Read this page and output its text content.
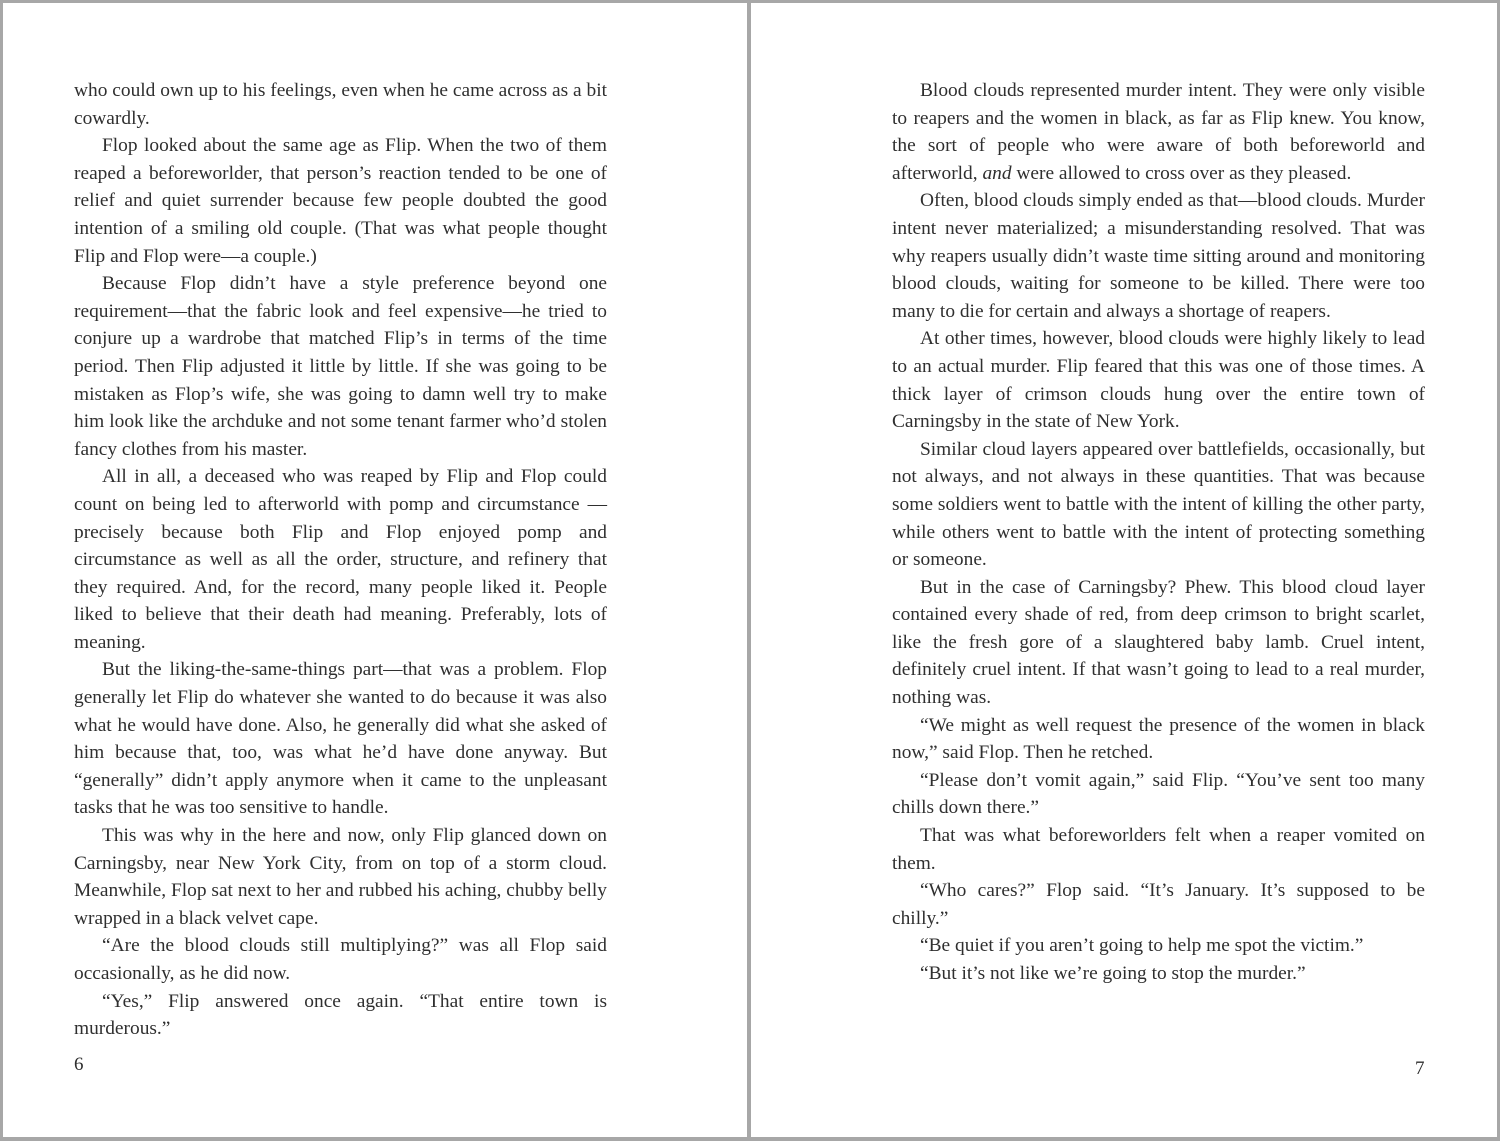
who could own up to his feelings, even when he came across as a bit cowardly.

Flop looked about the same age as Flip. When the two of them reaped a beforeworlder, that person’s reaction tended to be one of relief and quiet surrender because few people doubted the good intention of a smiling old couple. (That was what people thought Flip and Flop were—a couple.)

Because Flop didn’t have a style preference beyond one requirement—that the fabric look and feel expensive—he tried to conjure up a wardrobe that matched Flip’s in terms of the time period. Then Flip adjusted it little by little. If she was going to be mistaken as Flop’s wife, she was going to damn well try to make him look like the archduke and not some tenant farmer who’d stolen fancy clothes from his master.

All in all, a deceased who was reaped by Flip and Flop could count on being led to afterworld with pomp and circumstance —precisely because both Flip and Flop enjoyed pomp and circumstance as well as all the order, structure, and refinery that they required. And, for the record, many people liked it. People liked to believe that their death had meaning. Preferably, lots of meaning.

But the liking-the-same-things part—that was a problem. Flop generally let Flip do whatever she wanted to do because it was also what he would have done. Also, he generally did what she asked of him because that, too, was what he’d have done anyway. But “generally” didn’t apply anymore when it came to the unpleasant tasks that he was too sensitive to handle.

This was why in the here and now, only Flip glanced down on Carningsby, near New York City, from on top of a storm cloud. Meanwhile, Flop sat next to her and rubbed his aching, chubby belly wrapped in a black velvet cape.

“Are the blood clouds still multiplying?” was all Flop said occasionally, as he did now.

“Yes,” Flip answered once again. “That entire town is murderous.”

6

Blood clouds represented murder intent. They were only visible to reapers and the women in black, as far as Flip knew. You know, the sort of people who were aware of both beforeworld and afterworld, and were allowed to cross over as they pleased.

Often, blood clouds simply ended as that—blood clouds. Murder intent never materialized; a misunderstanding resolved. That was why reapers usually didn’t waste time sitting around and monitoring blood clouds, waiting for someone to be killed. There were too many to die for certain and always a shortage of reapers.

At other times, however, blood clouds were highly likely to lead to an actual murder. Flip feared that this was one of those times. A thick layer of crimson clouds hung over the entire town of Carningsby in the state of New York.

Similar cloud layers appeared over battlefields, occasionally, but not always, and not always in these quantities. That was because some soldiers went to battle with the intent of killing the other party, while others went to battle with the intent of protecting something or someone.

But in the case of Carningsby? Phew. This blood cloud layer contained every shade of red, from deep crimson to bright scarlet, like the fresh gore of a slaughtered baby lamb. Cruel intent, definitely cruel intent. If that wasn’t going to lead to a real murder, nothing was.

“We might as well request the presence of the women in black now,” said Flop. Then he retched.

“Please don’t vomit again,” said Flip. “You’ve sent too many chills down there.”

That was what beforeworlders felt when a reaper vomited on them.

“Who cares?” Flop said. “It’s January. It’s supposed to be chilly.”

“Be quiet if you aren’t going to help me spot the victim.”

“But it’s not like we’re going to stop the murder.”

7
